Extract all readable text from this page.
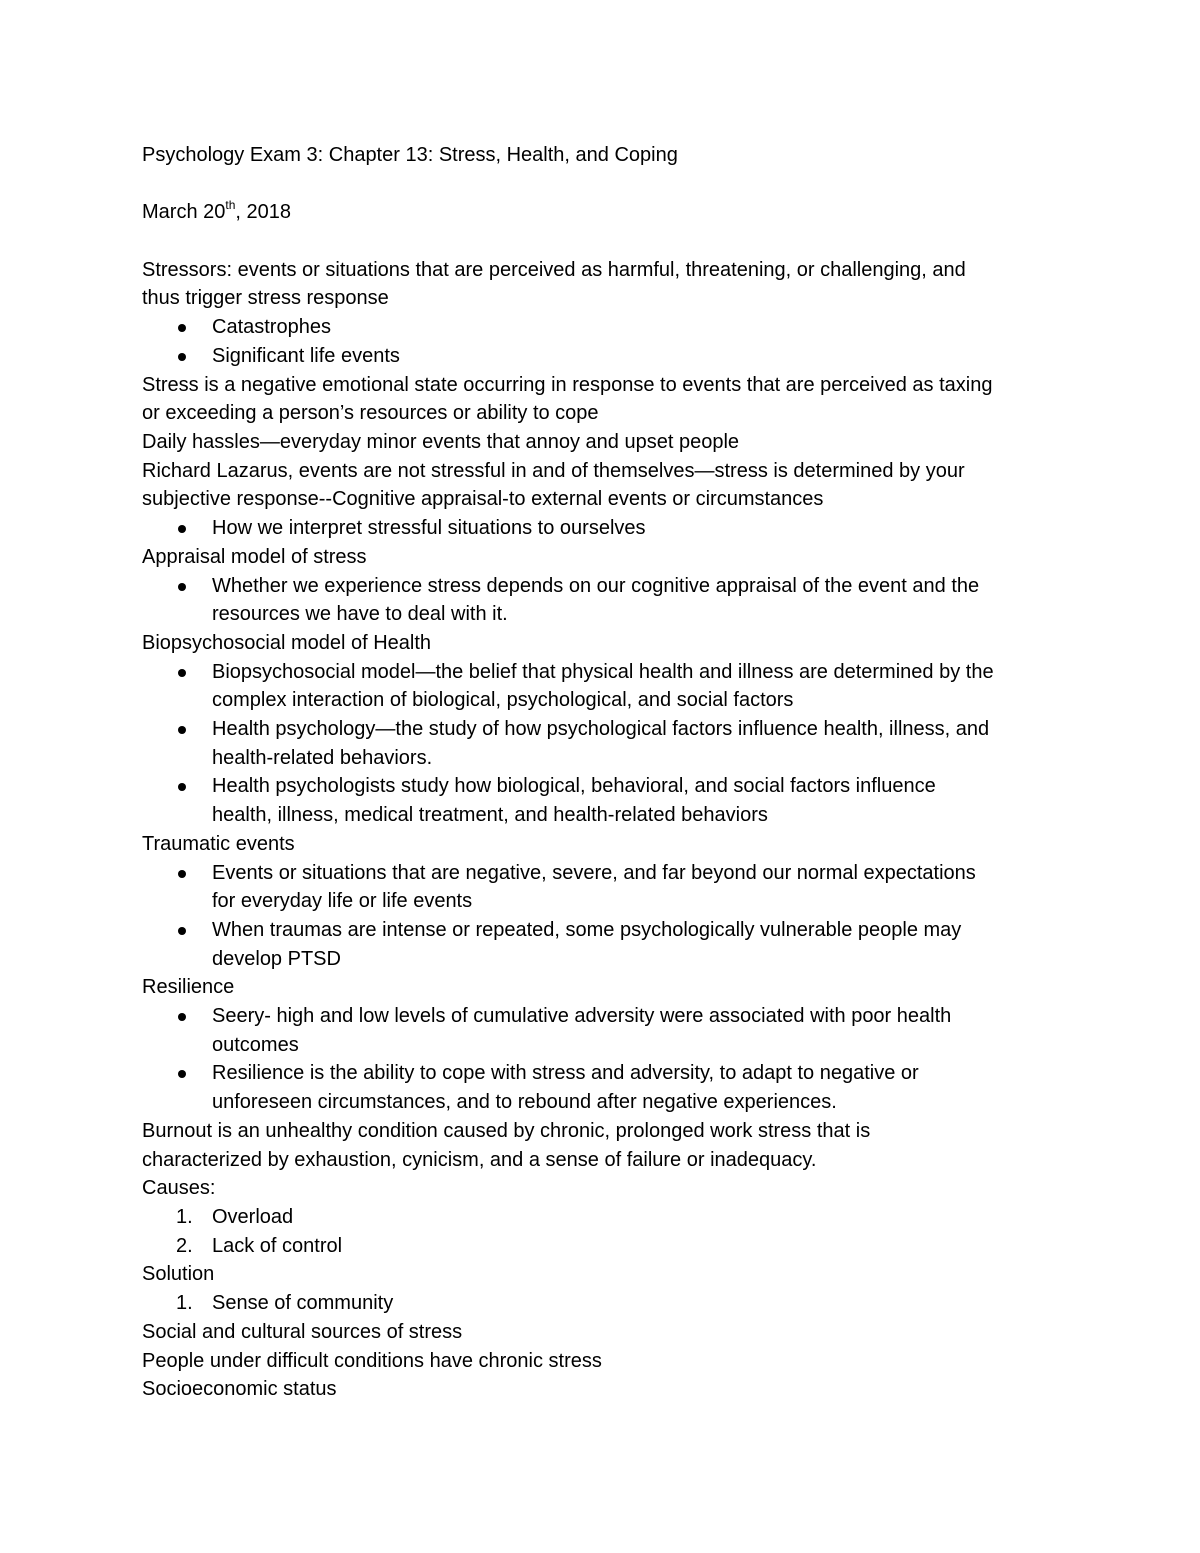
Psychology Exam 3: Chapter 13: Stress, Health, and Coping

March 20th, 2018

Stressors: events or situations that are perceived as harmful, threatening, or challenging, and

thus trigger stress response

Catastrophes
Significant life events

Stress is a negative emotional state occurring in response to events that are perceived as taxing

or exceeding a person’s resources or ability to cope

Daily hassles—everyday minor events that annoy and upset people

Richard Lazarus, events are not stressful in and of themselves—stress is determined by your

subjective response--Cognitive appraisal-to external events or circumstances

How we interpret stressful situations to ourselves

Appraisal model of stress

Whether we experience stress depends on our cognitive appraisal of the event and the
resources we have to deal with it.

Biopsychosocial model of Health

Biopsychosocial model—the belief that physical health and illness are determined by the
complex interaction of biological, psychological, and social factors
Health psychology—the study of how psychological factors influence health, illness, and
health-related behaviors.
Health psychologists study how biological, behavioral, and social factors influence
health, illness, medical treatment, and health-related behaviors

Traumatic events

Events or situations that are negative, severe, and far beyond our normal expectations
for everyday life or life events
When traumas are intense or repeated, some psychologically vulnerable people may
develop PTSD

Resilience

Seery- high and low levels of cumulative adversity were associated with poor health
outcomes
Resilience is the ability to cope with stress and adversity, to adapt to negative or
unforeseen circumstances, and to rebound after negative experiences.

Burnout is an unhealthy condition caused by chronic, prolonged work stress that is

characterized by exhaustion, cynicism, and a sense of failure or inadequacy.

Causes:

1. Overload
2. Lack of control

Solution

1. Sense of community

Social and cultural sources of stress

People under difficult conditions have chronic stress

Socioeconomic status
